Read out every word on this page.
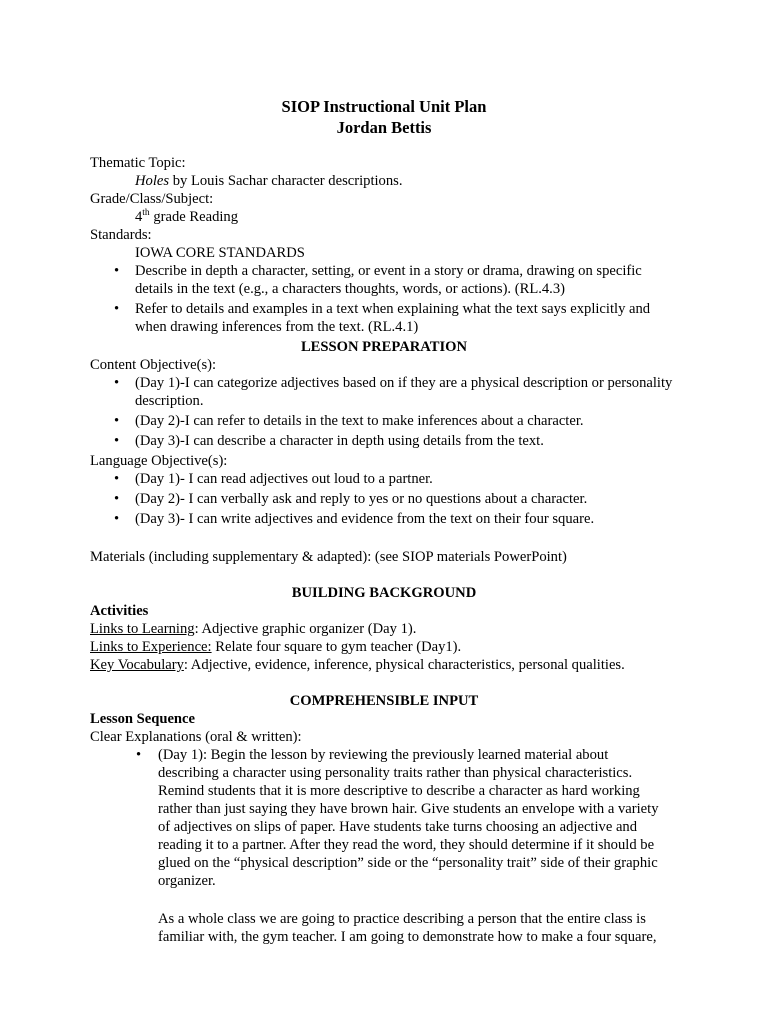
SIOP Instructional Unit Plan
Jordan Bettis

Thematic Topic:

Holes by Louis Sachar character descriptions.

Grade/Class/Subject:

4th grade Reading

Standards:

IOWA CORE STANDARDS

• Describe in depth a character, setting, or event in a story or drama, drawing on specific details in the text (e.g., a characters thoughts, words, or actions). (RL.4.3)
• Refer to details and examples in a text when explaining what the text says explicitly and when drawing inferences from the text. (RL.4.1)

LESSON PREPARATION

Content Objective(s):

• (Day 1)-I can categorize adjectives based on if they are a physical description or personality description.
• (Day 2)-I can refer to details in the text to make inferences about a character.
• (Day 3)-I can describe a character in depth using details from the text.

Language Objective(s):

• (Day 1)- I can read adjectives out loud to a partner.
• (Day 2)- I can verbally ask and reply to yes or no questions about a character.
• (Day 3)- I can write adjectives and evidence from the text on their four square.

Materials (including supplementary & adapted): (see SIOP materials PowerPoint)

BUILDING BACKGROUND

Activities

Links to Learning: Adjective graphic organizer (Day 1).

Links to Experience: Relate four square to gym teacher (Day1).

Key Vocabulary: Adjective, evidence, inference, physical characteristics, personal qualities.

COMPREHENSIBLE INPUT

Lesson Sequence

Clear Explanations (oral & written):

• (Day 1): Begin the lesson by reviewing the previously learned material about
describing a character using personality traits rather than physical characteristics.
Remind students that it is more descriptive to describe a character as hard working
rather than just saying they have brown hair. Give students an envelope with a variety
of adjectives on slips of paper. Have students take turns choosing an adjective and
reading it to a partner. After they read the word, they should determine if it should be
glued on the “physical description” side or the “personality trait” side of their graphic
organizer.
As a whole class we are going to practice describing a person that the entire class is
familiar with, the gym teacher. I am going to demonstrate how to make a four square,
